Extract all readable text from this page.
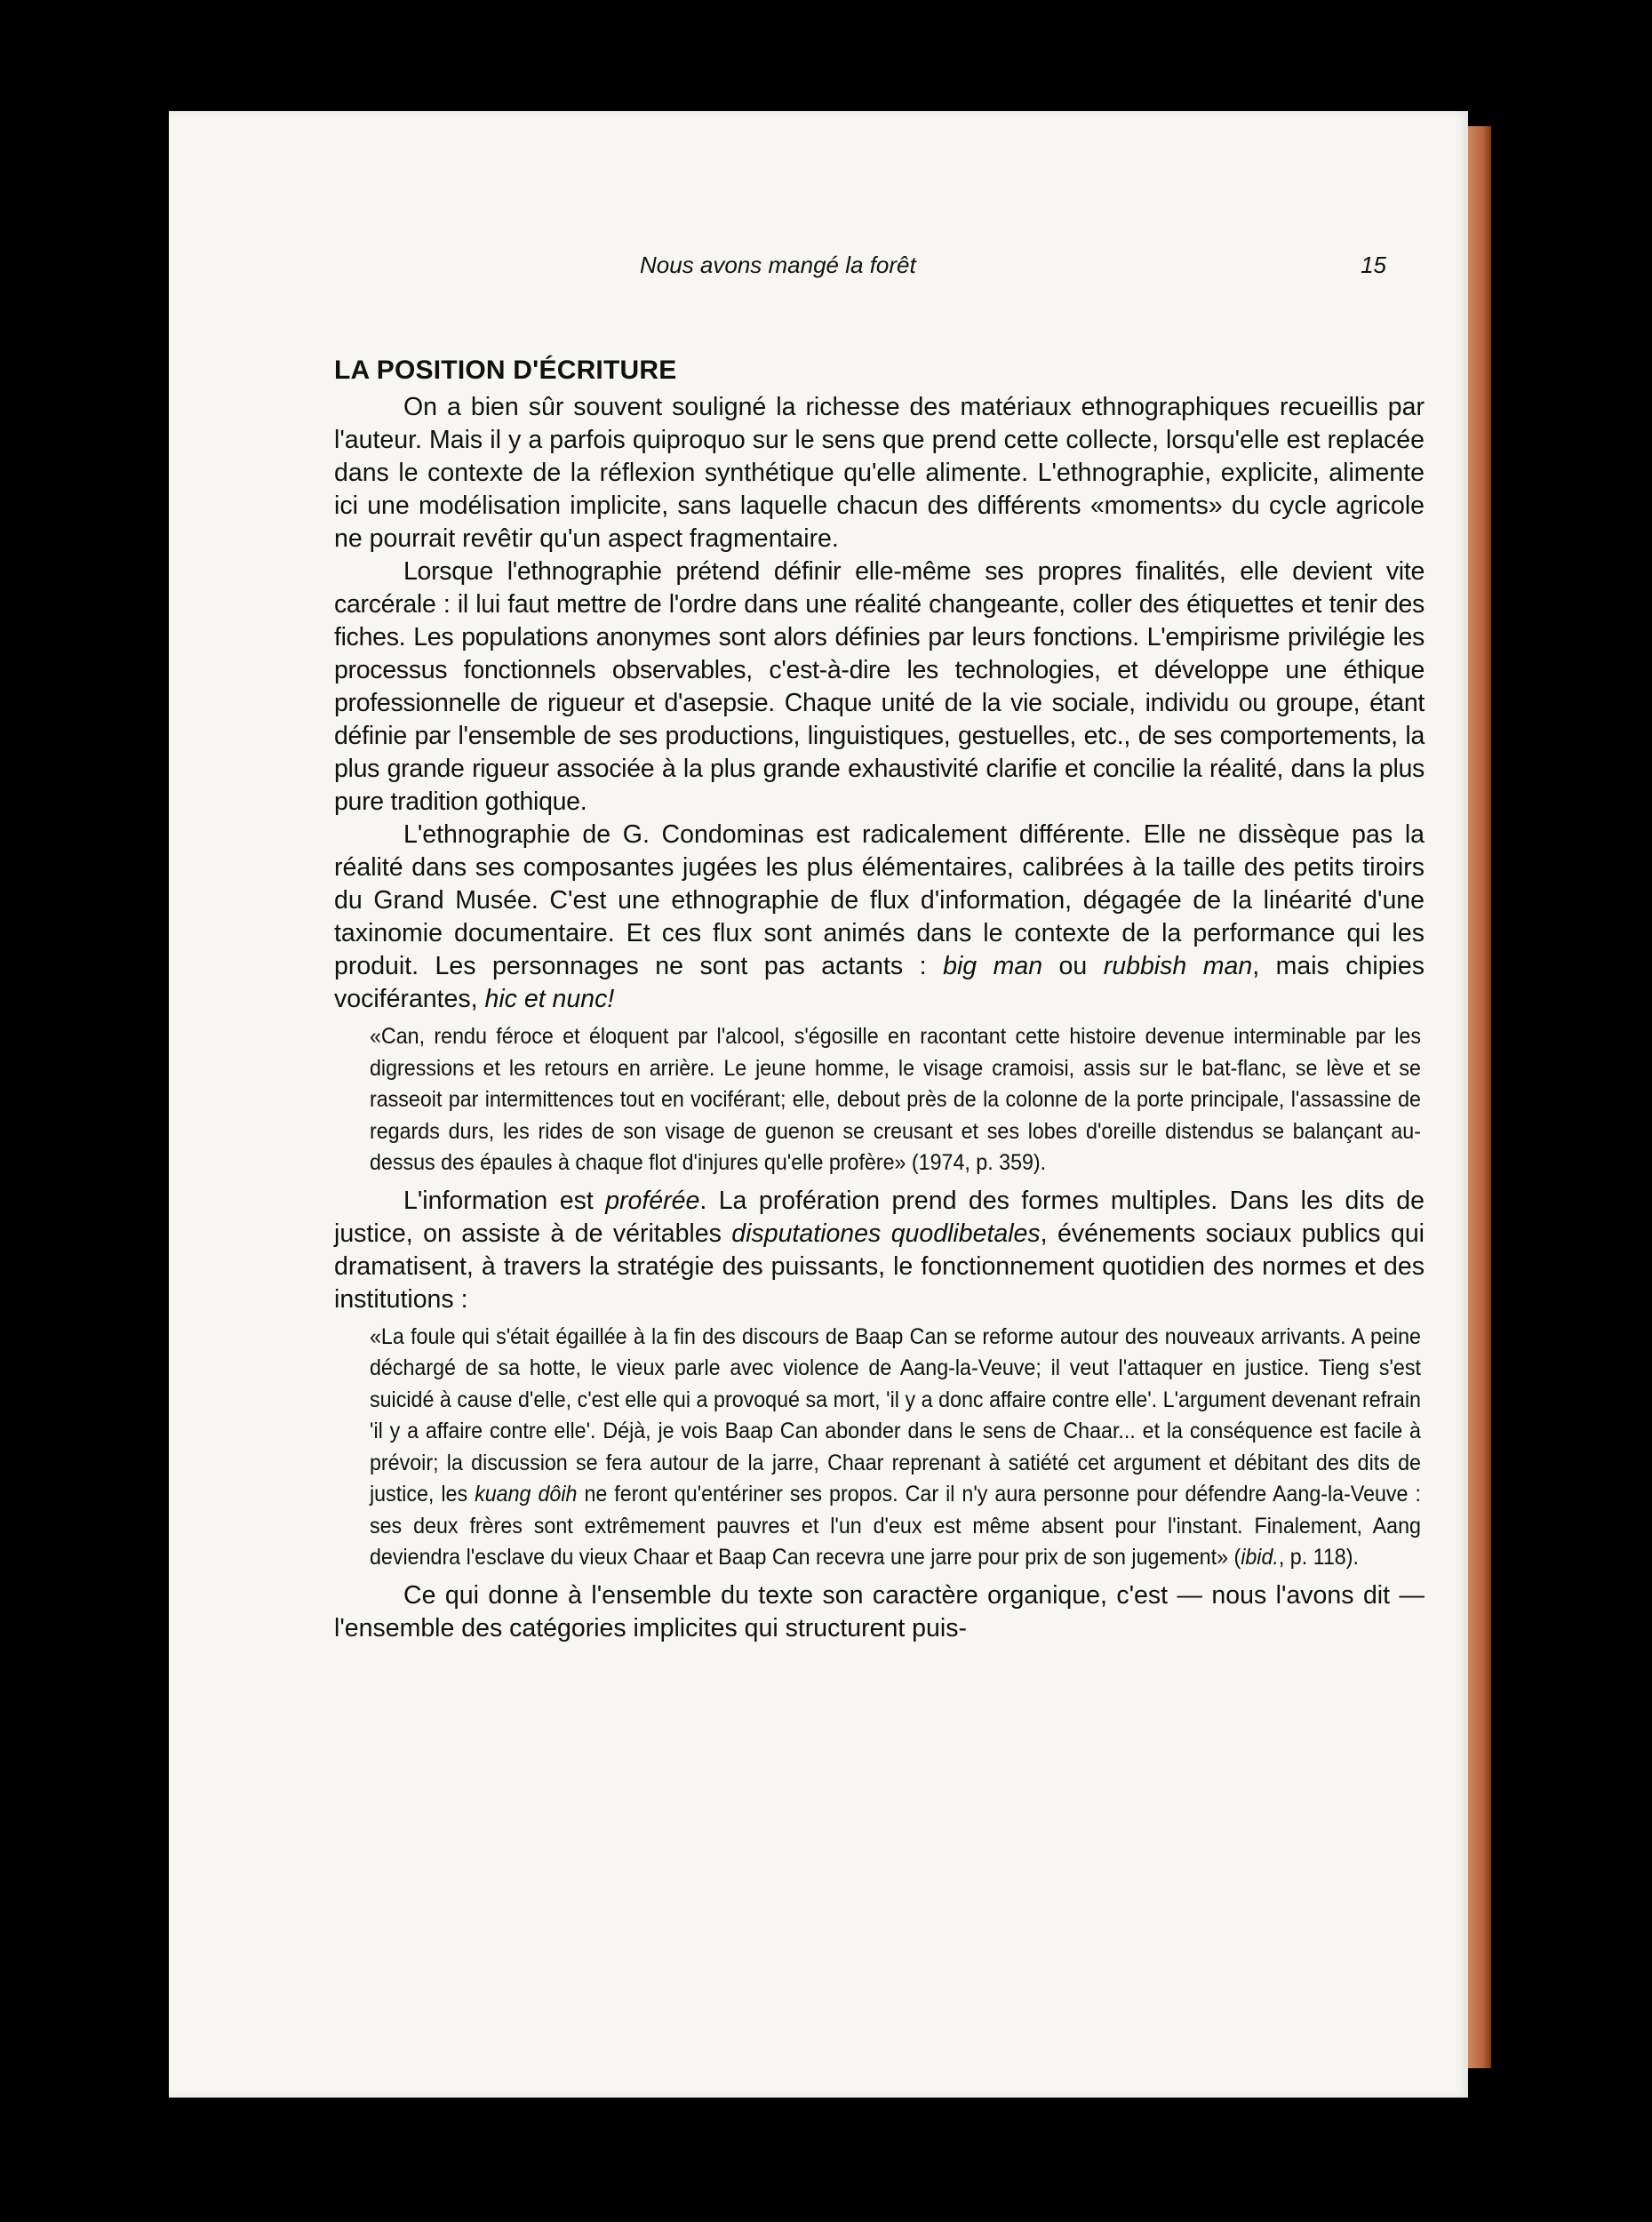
Nous avons mangé la forêt	15
LA POSITION D'ÉCRITURE

On a bien sûr souvent souligné la richesse des matériaux ethnographiques recueillis par l'auteur. Mais il y a parfois quiproquo sur le sens que prend cette collecte, lorsqu'elle est replacée dans le contexte de la réflexion synthétique qu'elle alimente. L'ethnographie, explicite, alimente ici une modélisation implicite, sans laquelle chacun des différents «moments» du cycle agricole ne pourrait revêtir qu'un aspect fragmentaire.

Lorsque l'ethnographie prétend définir elle-même ses propres finalités, elle devient vite carcérale : il lui faut mettre de l'ordre dans une réalité changeante, coller des étiquettes et tenir des fiches. Les populations anonymes sont alors définies par leurs fonctions. L'empirisme privilégie les processus fonctionnels observables, c'est-à-dire les technologies, et développe une éthique professionnelle de rigueur et d'asepsie. Chaque unité de la vie sociale, individu ou groupe, étant définie par l'ensemble de ses productions, linguistiques, gestuelles, etc., de ses comportements, la plus grande rigueur associée à la plus grande exhaustivité clarifie et concilie la réalité, dans la plus pure tradition gothique.

L'ethnographie de G. Condominas est radicalement différente. Elle ne dissèque pas la réalité dans ses composantes jugées les plus élémentaires, calibrées à la taille des petits tiroirs du Grand Musée. C'est une ethnographie de flux d'information, dégagée de la linéarité d'une taxinomie documentaire. Et ces flux sont animés dans le contexte de la performance qui les produit. Les personnages ne sont pas actants : big man ou rubbish man, mais chipies vociférantes, hic et nunc!

«Can, rendu féroce et éloquent par l'alcool, s'égosille en racontant cette histoire devenue interminable par les digressions et les retours en arrière. Le jeune homme, le visage cramoisi, assis sur le bat-flanc, se lève et se rasseoit par intermittences tout en vociférant; elle, debout près de la colonne de la porte principale, l'assassine de regards durs, les rides de son visage de guenon se creusant et ses lobes d'oreille distendus se balançant au-dessus des épaules à chaque flot d'injures qu'elle profère» (1974, p. 359).

L'information est proférée. La profération prend des formes multiples. Dans les dits de justice, on assiste à de véritables disputationes quodlibetales, événements sociaux publics qui dramatisent, à travers la stratégie des puissants, le fonctionnement quotidien des normes et des institutions :

«La foule qui s'était égaillée à la fin des discours de Baap Can se reforme autour des nouveaux arrivants. A peine déchargé de sa hotte, le vieux parle avec violence de Aang-la-Veuve; il veut l'attaquer en justice. Tieng s'est suicidé à cause d'elle, c'est elle qui a provoqué sa mort, 'il y a donc affaire contre elle'. L'argument devenant refrain 'il y a affaire contre elle'. Déjà, je vois Baap Can abonder dans le sens de Chaar... et la conséquence est facile à prévoir; la discussion se fera autour de la jarre, Chaar reprenant à satiété cet argument et débitant des dits de justice, les kuang dôih ne feront qu'entériner ses propos. Car il n'y aura personne pour défendre Aang-la-Veuve : ses deux frères sont extrêmement pauvres et l'un d'eux est même absent pour l'instant. Finalement, Aang deviendra l'esclave du vieux Chaar et Baap Can recevra une jarre pour prix de son jugement» (ibid., p. 118).

Ce qui donne à l'ensemble du texte son caractère organique, c'est — nous l'avons dit — l'ensemble des catégories implicites qui structurent puis-
